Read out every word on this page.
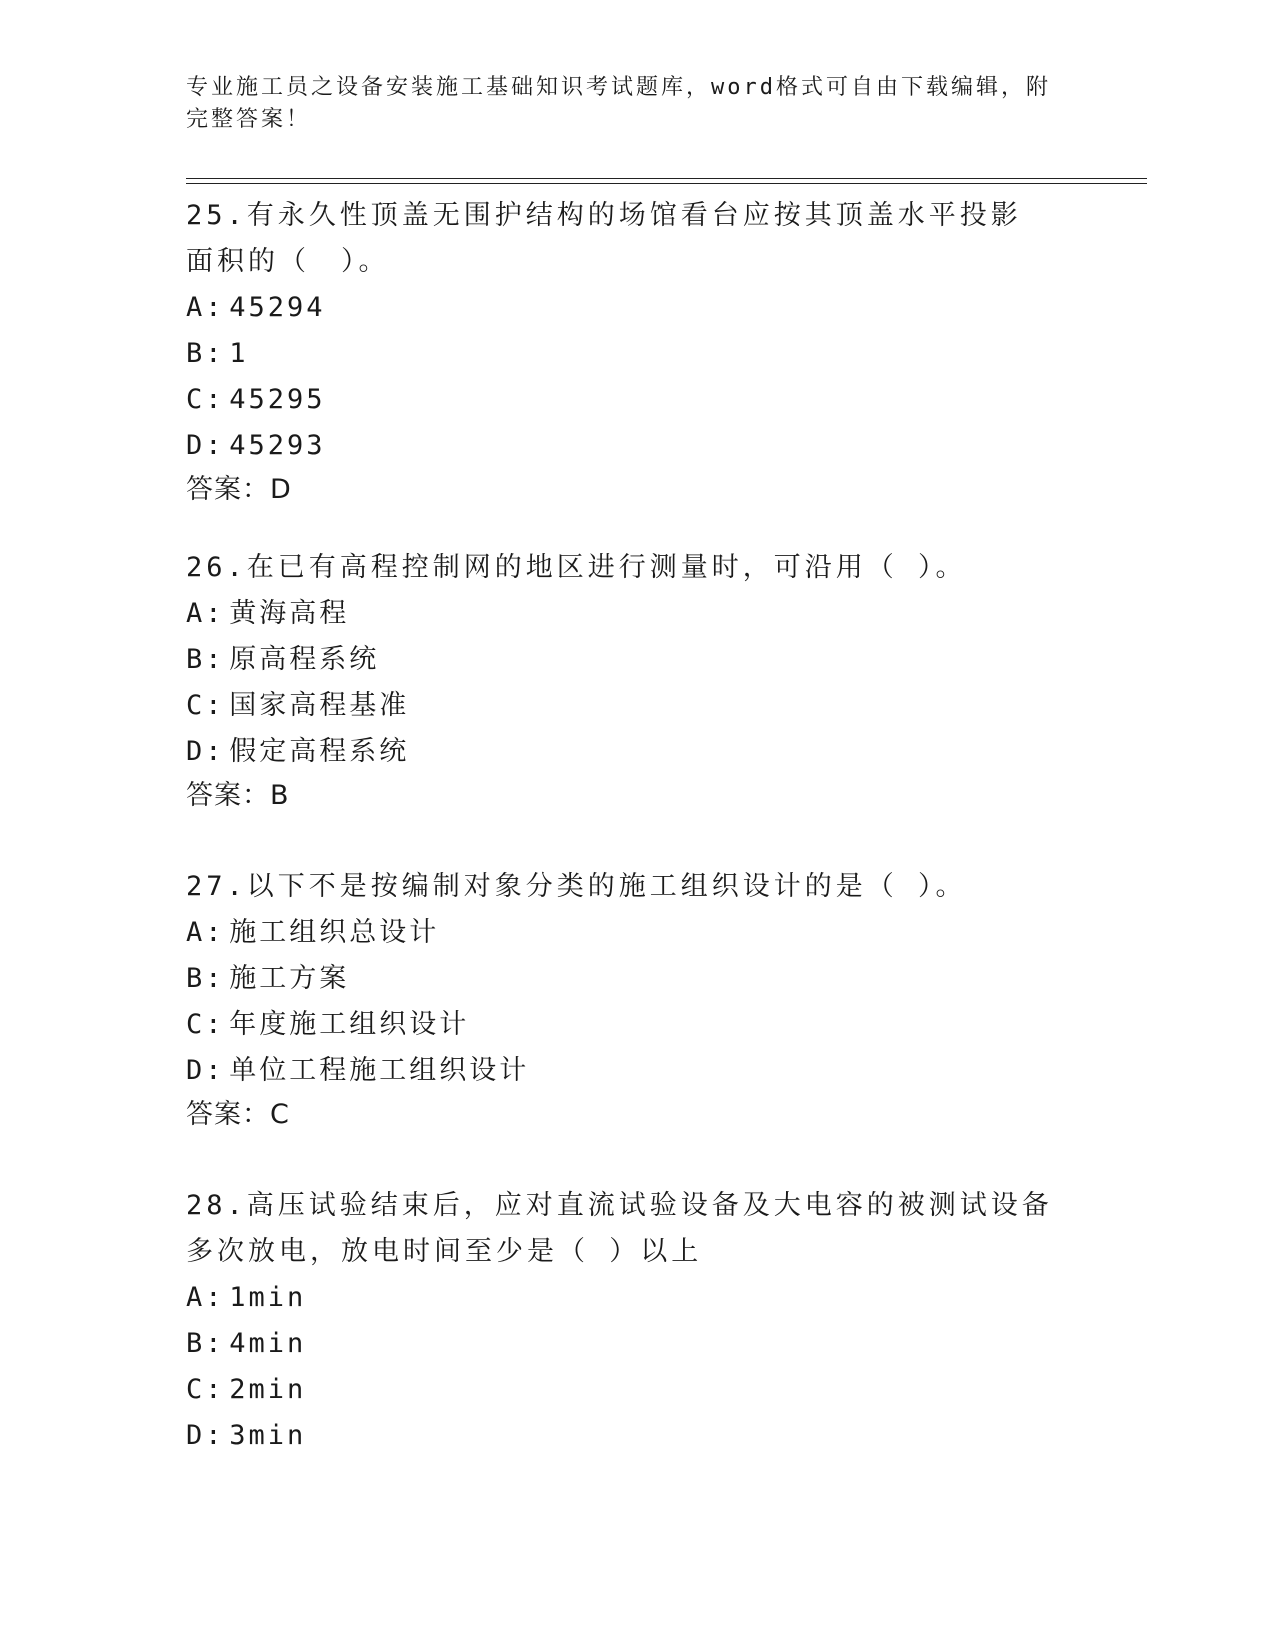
专业施工员之设备安装施工基础知识考试题库，word格式可自由下载编辑，附完整答案！

25.有永久性顶盖无围护结构的场馆看台应按其顶盖水平投影面积的（　）。

A: 45294

B: 1

C: 45295

D: 45293

答案：D

26.在已有高程控制网的地区进行测量时，可沿用（ ）。

A: 黄海高程

B: 原高程系统

C: 国家高程基准

D: 假定高程系统

答案：B

27.以下不是按编制对象分类的施工组织设计的是（ ）。

A: 施工组织总设计

B: 施工方案

C: 年度施工组织设计

D: 单位工程施工组织设计

答案：C

28.高压试验结束后，应对直流试验设备及大电容的被测试设备多次放电，放电时间至少是（ ）以上

A: 1min

B: 4min

C: 2min

D: 3min
